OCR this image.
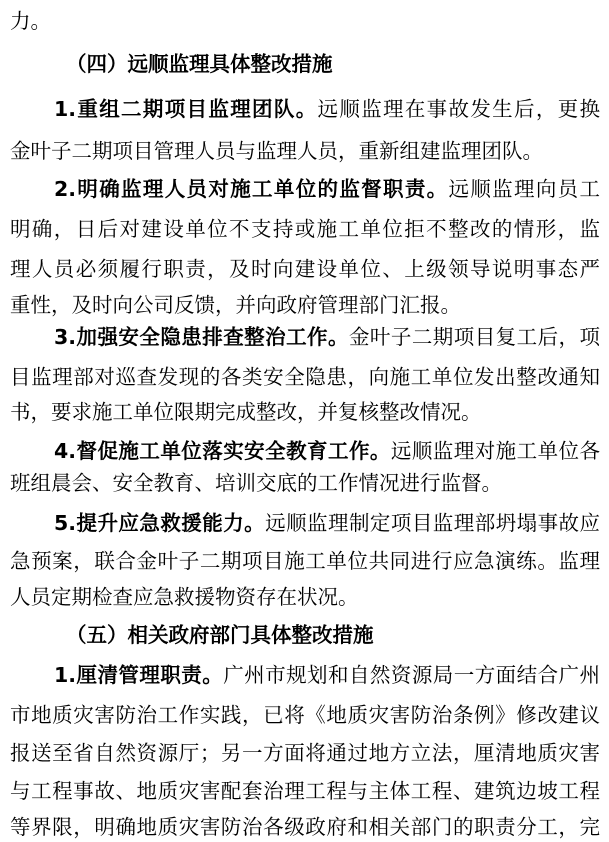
力。
（四）远顺监理具体整改措施
1.重组二期项目监理团队。远顺监理在事故发生后，更换
金叶子二期项目管理人员与监理人员，重新组建监理团队。
2.明确监理人员对施工单位的监督职责。远顺监理向员工
明确，日后对建设单位不支持或施工单位拒不整改的情形，监
理人员必须履行职责，及时向建设单位、上级领导说明事态严
重性，及时向公司反馈，并向政府管理部门汇报。
3.加强安全隐患排查整治工作。金叶子二期项目复工后，项
目监理部对巡查发现的各类安全隐患，向施工单位发出整改通知
书，要求施工单位限期完成整改，并复核整改情况。
4.督促施工单位落实安全教育工作。远顺监理对施工单位各
班组晨会、安全教育、培训交底的工作情况进行监督。
5.提升应急救援能力。远顺监理制定项目监理部坍塌事故应
急预案，联合金叶子二期项目施工单位共同进行应急演练。监理
人员定期检查应急救援物资存在状况。
（五）相关政府部门具体整改措施
1.厘清管理职责。广州市规划和自然资源局一方面结合广州
市地质灾害防治工作实践，已将《地质灾害防治条例》修改建议
报送至省自然资源厅；另一方面将通过地方立法，厘清地质灾害
与工程事故、地质灾害配套治理工程与主体工程、建筑边坡工程
等界限，明确地质灾害防治各级政府和相关部门的职责分工，完
